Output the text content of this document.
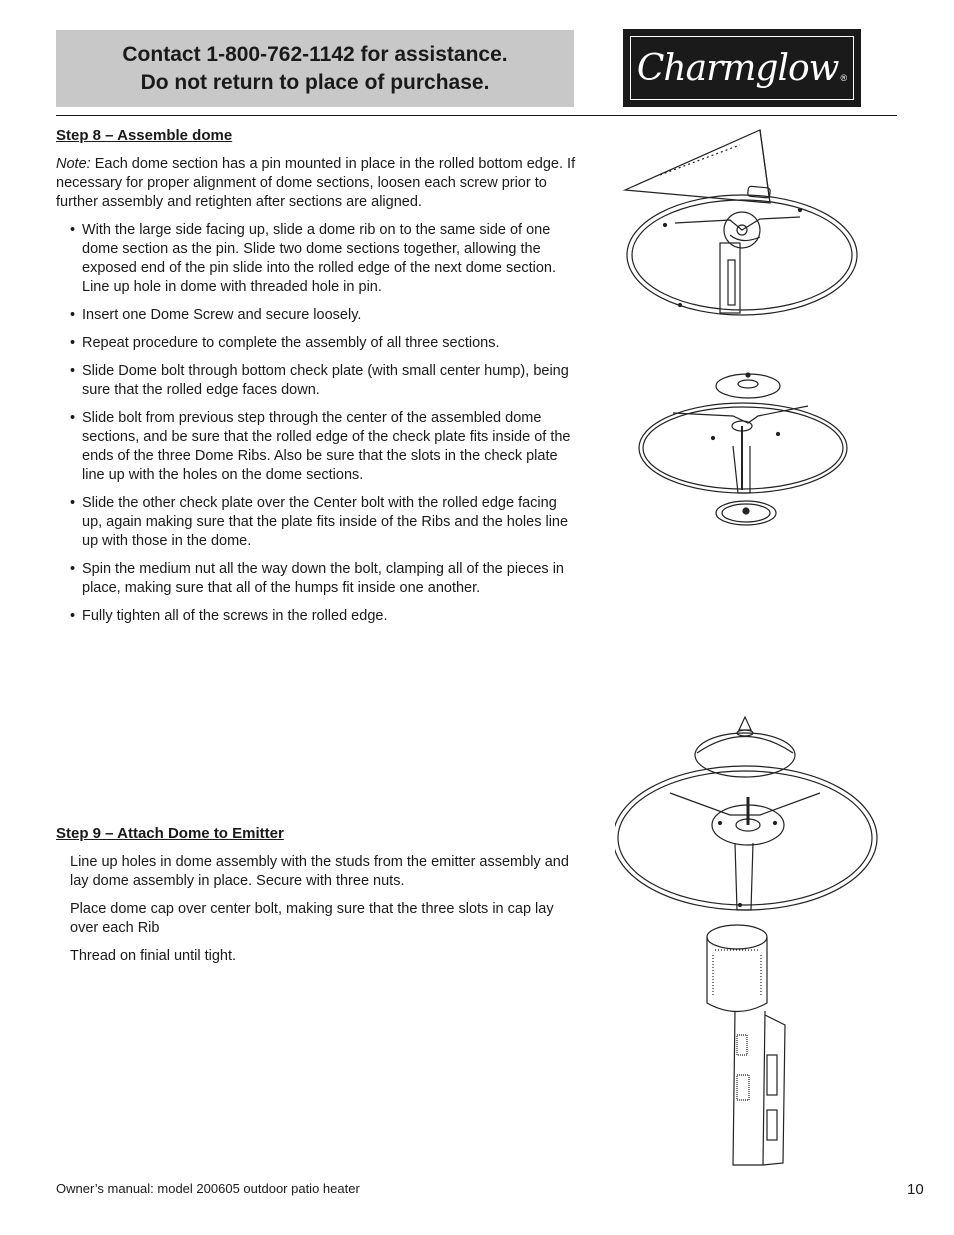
Contact 1-800-762-1142 for assistance.
Do not return to place of purchase.	Charmglow ®
Step 8 – Assemble dome
Note: Each dome section has a pin mounted in place in the rolled bottom edge. If necessary for proper alignment of dome sections, loosen each screw prior to further assembly and retighten after sections are aligned.
• With the large side facing up, slide a dome rib on to the same side of one dome section as the pin. Slide two dome sections together, allowing the exposed end of the pin slide into the rolled edge of the next dome section. Line up hole in dome with threaded hole in pin.
• Insert one Dome Screw and secure loosely.
• Repeat procedure to complete the assembly of all three sections.
• Slide Dome bolt through bottom check plate (with small center hump), being sure that the rolled edge faces down.
• Slide bolt from previous step through the center of the assembled dome sections, and be sure that the rolled edge of the check plate fits inside of the ends of the three Dome Ribs. Also be sure that the slots in the check plate line up with the holes on the dome sections.
• Slide the other check plate over the Center bolt with the rolled edge facing up, again making sure that the plate fits inside of the Ribs and the holes line up with those in the dome.
• Spin the medium nut all the way down the bolt, clamping all of the pieces in place, making sure that all of the humps fit inside one another.
• Fully tighten all of the screws in the rolled edge.
Step 9 – Attach Dome to Emitter
Line up holes in dome assembly with the studs from the emitter assembly and lay dome assembly in place. Secure with three nuts.
Place dome cap over center bolt, making sure that the three slots in cap lay over each Rib
Thread on finial until tight.
Owner’s manual: model 200605 outdoor patio heater	10
